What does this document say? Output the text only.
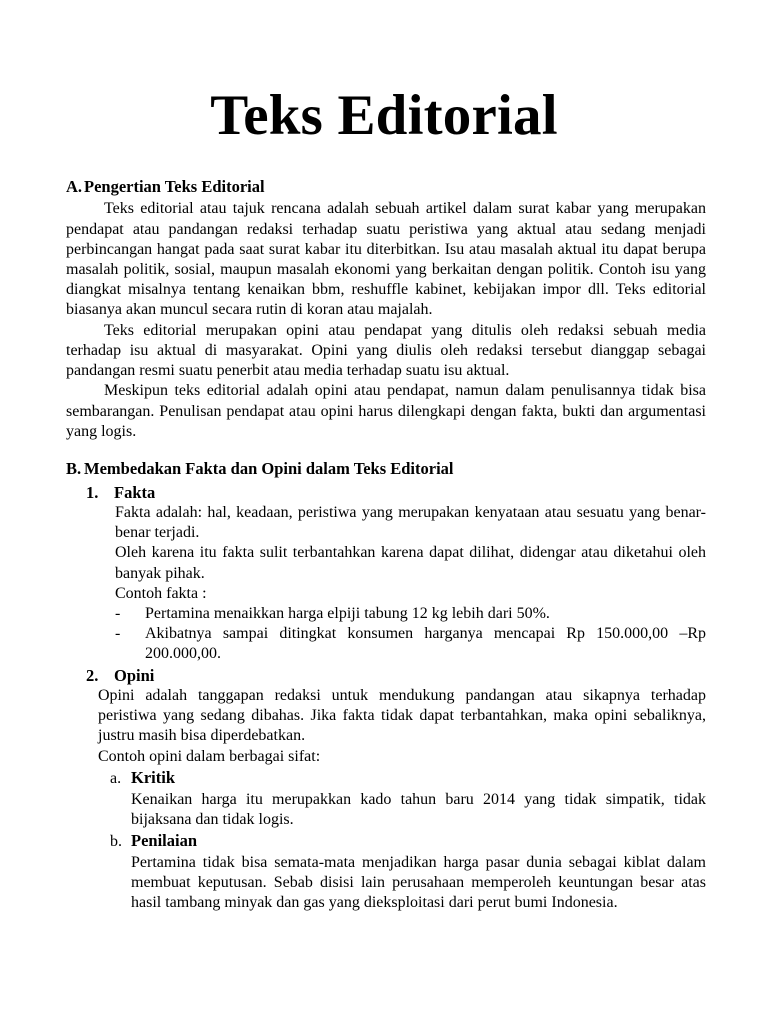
Teks Editorial
A. Pengertian Teks Editorial

Teks editorial atau tajuk rencana adalah sebuah artikel dalam surat kabar yang merupakan pendapat atau pandangan redaksi terhadap suatu peristiwa yang aktual atau sedang menjadi perbincangan hangat pada saat surat kabar itu diterbitkan. Isu atau masalah aktual itu dapat berupa masalah politik, sosial, maupun masalah ekonomi yang berkaitan dengan politik. Contoh isu yang diangkat misalnya tentang kenaikan bbm, reshuffle kabinet, kebijakan impor dll. Teks editorial biasanya akan muncul secara rutin di koran atau majalah.

Teks editorial merupakan opini atau pendapat yang ditulis oleh redaksi sebuah media terhadap isu aktual di masyarakat. Opini yang diulis oleh redaksi tersebut dianggap sebagai pandangan resmi suatu penerbit atau media terhadap suatu isu aktual.

Meskipun teks editorial adalah opini atau pendapat, namun dalam penulisannya tidak bisa sembarangan. Penulisan pendapat atau opini harus dilengkapi dengan fakta, bukti dan argumentasi yang logis.

B. Membedakan Fakta dan Opini dalam Teks Editorial
1. Fakta

Fakta adalah: hal, keadaan, peristiwa yang merupakan kenyataan atau sesuatu yang benar-benar terjadi.

Oleh karena itu fakta sulit terbantahkan karena dapat dilihat, didengar atau diketahui oleh banyak pihak.

Contoh fakta :

-	Pertamina menaikkan harga elpiji tabung 12 kg lebih dari 50%.
-	Akibatnya sampai ditingkat konsumen harganya mencapai Rp 150.000,00 –Rp 200.000,00.
2. Opini

Opini adalah tanggapan redaksi untuk mendukung pandangan atau sikapnya terhadap peristiwa yang sedang dibahas. Jika fakta tidak dapat terbantahkan, maka opini sebaliknya, justru masih bisa diperdebatkan.

Contoh opini dalam berbagai sifat:

a. Kritik

Kenaikan harga itu merupakkan kado tahun baru 2014 yang tidak simpatik, tidak bijaksana dan tidak logis.

b. Penilaian

Pertamina tidak bisa semata-mata menjadikan harga pasar dunia sebagai kiblat dalam membuat keputusan. Sebab disisi lain perusahaan memperoleh keuntungan besar atas hasil tambang minyak dan gas yang dieksploitasi dari perut bumi Indonesia.
